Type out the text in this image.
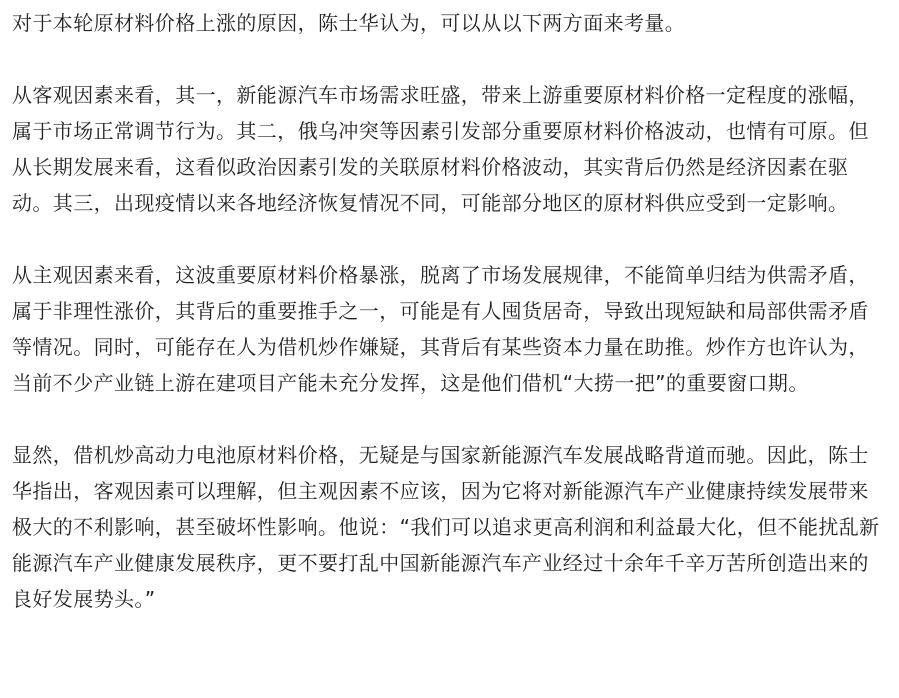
对于本轮原材料价格上涨的原因，陈士华认为，可以从以下两方面来考量。

从客观因素来看，其一，新能源汽车市场需求旺盛，带来上游重要原材料价格一定程度的涨幅，属于市场正常调节行为。其二，俄乌冲突等因素引发部分重要原材料价格波动，也情有可原。但从长期发展来看，这看似政治因素引发的关联原材料价格波动，其实背后仍然是经济因素在驱动。其三，出现疫情以来各地经济恢复情况不同，可能部分地区的原材料供应受到一定影响。

从主观因素来看，这波重要原材料价格暴涨，脱离了市场发展规律，不能简单归结为供需矛盾，属于非理性涨价，其背后的重要推手之一，可能是有人囤货居奇，导致出现短缺和局部供需矛盾等情况。同时，可能存在人为借机炒作嫌疑，其背后有某些资本力量在助推。炒作方也许认为，当前不少产业链上游在建项目产能未充分发挥，这是他们借机“大捞一把”的重要窗口期。

显然，借机炒高动力电池原材料价格，无疑是与国家新能源汽车发展战略背道而驰。因此，陈士华指出，客观因素可以理解，但主观因素不应该，因为它将对新能源汽车产业健康持续发展带来极大的不利影响，甚至破坏性影响。他说：“我们可以追求更高利润和利益最大化，但不能扰乱新能源汽车产业健康发展秩序，更不要打乱中国新能源汽车产业经过十余年千辛万苦所创造出来的良好发展势头。”
